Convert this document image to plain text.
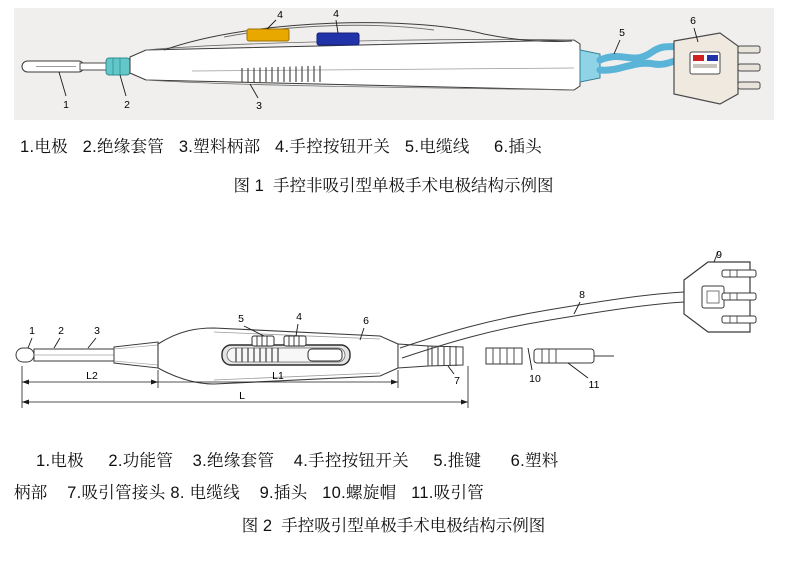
1	2	3
4	4
5
6
1.电极   2.绝缘套管   3.塑料柄部   4.手控按钮开关   5.电缆线     6.插头
图 1  手控非吸引型单极手术电极结构示例图
1 2	3
4
5	6
7
8
9
10	11
L2	L1
L
1.电极     2.功能管    3.绝缘套管    4.手控按钮开关     5.推键      6.塑料
柄部    7.吸引管接头 8. 电缆线    9.插头   10.螺旋帽   11.吸引管
图 2  手控吸引型单极手术电极结构示例图
